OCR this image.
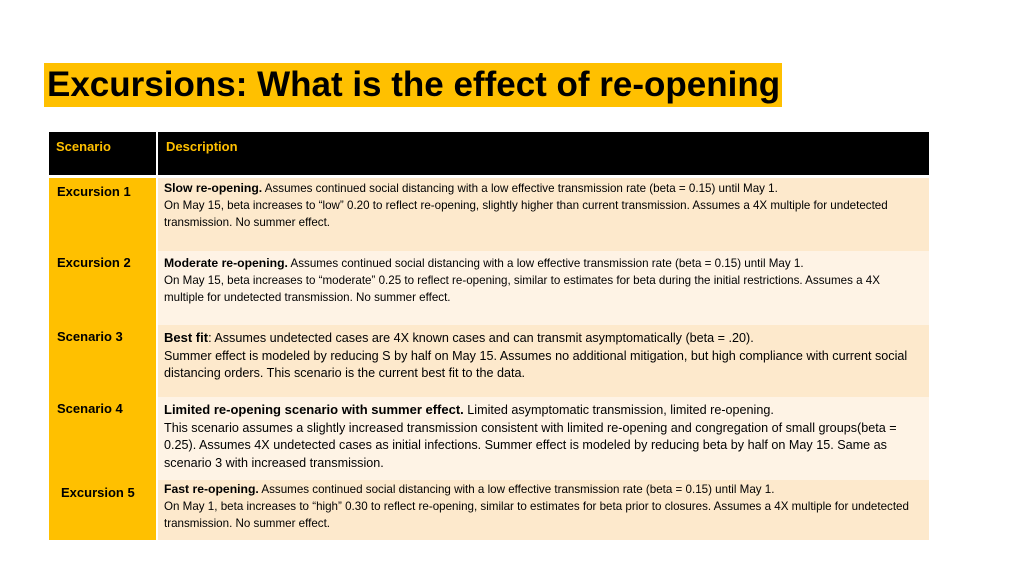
Excursions: What is the effect of re-opening
Scenario	Description

Excursion 1	Slow re-opening. Assumes continued social distancing with a low effective transmission rate (beta = 0.15) until May 1.
On May 15, beta increases to “low” 0.20 to reflect re-opening, slightly higher than current transmission. Assumes a 4X multiple for undetected transmission. No summer effect.

Excursion 2	Moderate re-opening. Assumes continued social distancing with a low effective transmission rate (beta = 0.15) until May 1.
On May 15, beta increases to “moderate” 0.25 to reflect re-opening, similar to estimates for beta during the initial restrictions. Assumes a 4X multiple for undetected transmission. No summer effect.

Scenario 3	Best fit: Assumes undetected cases are 4X known cases and can transmit asymptomatically (beta = .20).
Summer effect is modeled by reducing S by half on May 15. Assumes no additional mitigation, but high compliance with current social distancing orders. This scenario is the current best fit to the data.

Scenario 4	Limited re-opening scenario with summer effect. Limited asymptomatic transmission, limited re-opening.
This scenario assumes a slightly increased transmission consistent with limited re-opening and congregation of small groups(beta = 0.25). Assumes 4X undetected cases as initial infections. Summer effect is modeled by reducing beta by half on May 15. Same as scenario 3 with increased transmission.

Excursion 5	Fast re-opening. Assumes continued social distancing with a low effective transmission rate (beta = 0.15) until May 1.
On May 1, beta increases to “high” 0.30 to reflect re-opening, similar to estimates for beta prior to closures. Assumes a 4X multiple for undetected transmission. No summer effect.
